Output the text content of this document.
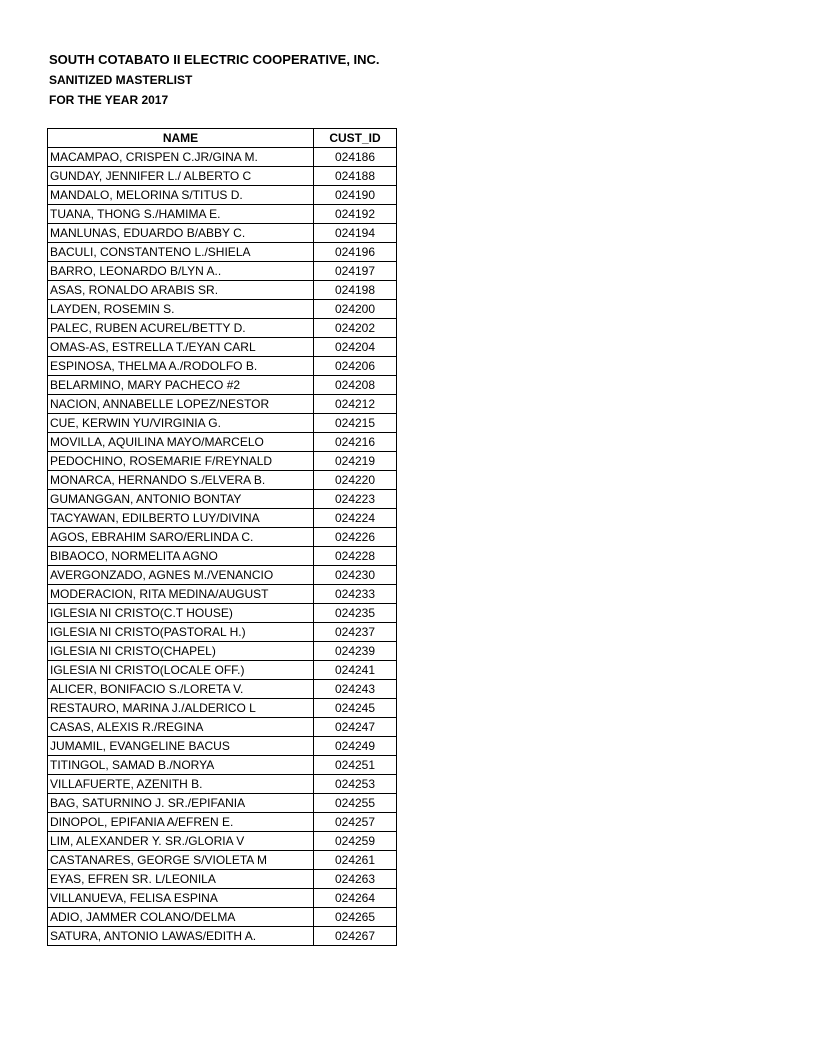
SOUTH COTABATO II ELECTRIC COOPERATIVE, INC.
SANITIZED MASTERLIST
FOR THE YEAR 2017
NAME	CUST_ID
MACAMPAO, CRISPEN C.JR/GINA M.	024186
GUNDAY, JENNIFER L./ ALBERTO C	024188
MANDALO, MELORINA S/TITUS D.	024190
TUANA, THONG S./HAMIMA E.	024192
MANLUNAS, EDUARDO B/ABBY C.	024194
BACULI, CONSTANTENO L./SHIELA	024196
BARRO, LEONARDO B/LYN A..	024197
ASAS, RONALDO ARABIS SR.	024198
LAYDEN, ROSEMIN S.	024200
PALEC, RUBEN ACUREL/BETTY D.	024202
OMAS-AS, ESTRELLA T./EYAN CARL	024204
ESPINOSA, THELMA A./RODOLFO B.	024206
BELARMINO, MARY PACHECO #2	024208
NACION, ANNABELLE LOPEZ/NESTOR	024212
CUE, KERWIN YU/VIRGINIA G.	024215
MOVILLA, AQUILINA MAYO/MARCELO	024216
PEDOCHINO, ROSEMARIE F/REYNALD	024219
MONARCA, HERNANDO S./ELVERA B.	024220
GUMANGGAN, ANTONIO BONTAY	024223
TACYAWAN, EDILBERTO LUY/DIVINA	024224
AGOS, EBRAHIM SARO/ERLINDA C.	024226
BIBAOCO, NORMELITA AGNO	024228
AVERGONZADO, AGNES M./VENANCIO	024230
MODERACION, RITA MEDINA/AUGUST	024233
IGLESIA NI CRISTO(C.T HOUSE)	024235
IGLESIA NI CRISTO(PASTORAL H.)	024237
IGLESIA NI CRISTO(CHAPEL)	024239
IGLESIA NI CRISTO(LOCALE OFF.)	024241
ALICER, BONIFACIO S./LORETA V.	024243
RESTAURO, MARINA J./ALDERICO L	024245
CASAS, ALEXIS R./REGINA	024247
JUMAMIL, EVANGELINE BACUS	024249
TITINGOL, SAMAD B./NORYA	024251
VILLAFUERTE, AZENITH B.	024253
BAG, SATURNINO J. SR./EPIFANIA	024255
DINOPOL, EPIFANIA A/EFREN E.	024257
LIM, ALEXANDER Y. SR./GLORIA V	024259
CASTANARES, GEORGE S/VIOLETA M	024261
EYAS, EFREN SR. L/LEONILA	024263
VILLANUEVA, FELISA ESPINA	024264
ADIO, JAMMER COLANO/DELMA	024265
SATURA, ANTONIO LAWAS/EDITH A.	024267
